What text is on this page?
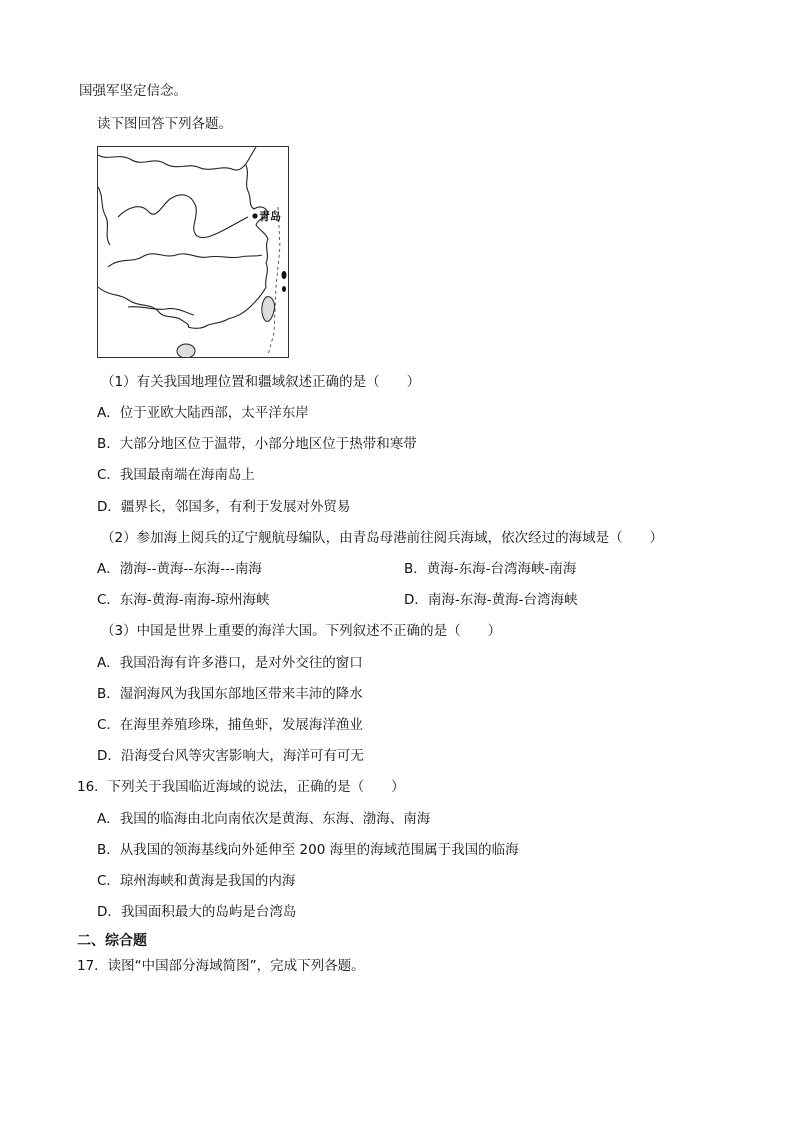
国强军坚定信念。
读下图回答下列各题。
青岛
（1）有关我国地理位置和疆域叙述正确的是（　　）
A．位于亚欧大陆西部，太平洋东岸
B．大部分地区位于温带，小部分地区位于热带和寒带
C．我国最南端在海南岛上
D．疆界长，邻国多，有利于发展对外贸易
（2）参加海上阅兵的辽宁舰航母编队，由青岛母港前往阅兵海域，依次经过的海域是（　　）
A．渤海--黄海--东海---南海	B．黄海-东海-台湾海峡-南海
C．东海-黄海-南海-琼州海峡	D．南海-东海-黄海-台湾海峡
（3）中国是世界上重要的海洋大国。下列叙述不正确的是（　　）
A．我国沿海有许多港口，是对外交往的窗口
B．湿润海风为我国东部地区带来丰沛的降水
C．在海里养殖珍珠，捕鱼虾，发展海洋渔业
D．沿海受台风等灾害影响大，海洋可有可无
16．下列关于我国临近海域的说法，正确的是（　　）
A．我国的临海由北向南依次是黄海、东海、渤海、南海
B．从我国的领海基线向外延伸至 200 海里的海域范围属于我国的临海
C．琼州海峡和黄海是我国的内海
D．我国面积最大的岛屿是台湾岛
二、综合题
17．读图“中国部分海域简图”，完成下列各题。
